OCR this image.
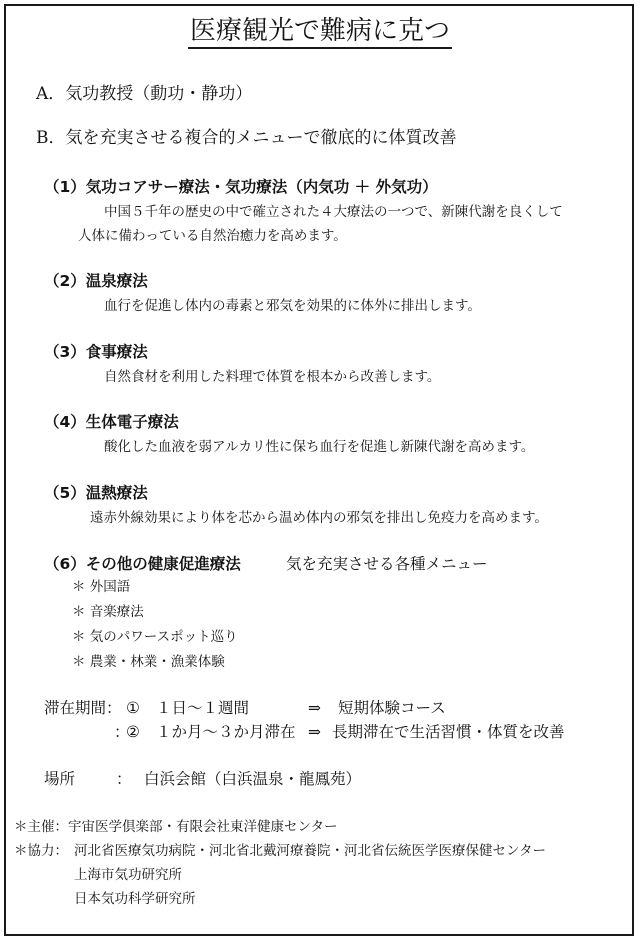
医療観光で難病に克つ
A．気功教授（動功・静功）
B．気を充実させる複合的メニューで徹底的に体質改善
（1）気功コアサー療法・気功療法（内気功 ＋ 外気功）
中国５千年の歴史の中で確立された４大療法の一つで、新陳代謝を良くして
人体に備わっている自然治癒力を高めます。
（2）温泉療法
血行を促進し体内の毒素と邪気を効果的に体外に排出します。
（3）食事療法
自然食材を利用した料理で体質を根本から改善します。
（4）生体電子療法
酸化した血液を弱アルカリ性に保ち血行を促進し新陳代謝を高めます。
（5）温熱療法
遠赤外線効果により体を芯から温め体内の邪気を排出し免疫力を高めます。
（6）その他の健康促進療法	気を充実させる各種メニュー
＊ 外国語
＊ 音楽療法
＊ 気のパワースポット巡り
＊ 農業・林業・漁業体験
滞在期間： ① １日～１週間	⇒ 短期体験コース
：
② １か月～３か月滞在 ⇒ 長期滞在で生活習慣・体質を改善
場所	： 白浜会館（白浜温泉・龍鳳苑）
＊主催：宇宙医学倶楽部・有限会社東洋健康センター
＊協力： 河北省医療気功病院・河北省北戴河療養院・河北省伝統医学医療保健センター
上海市気功研究所
日本気功科学研究所
